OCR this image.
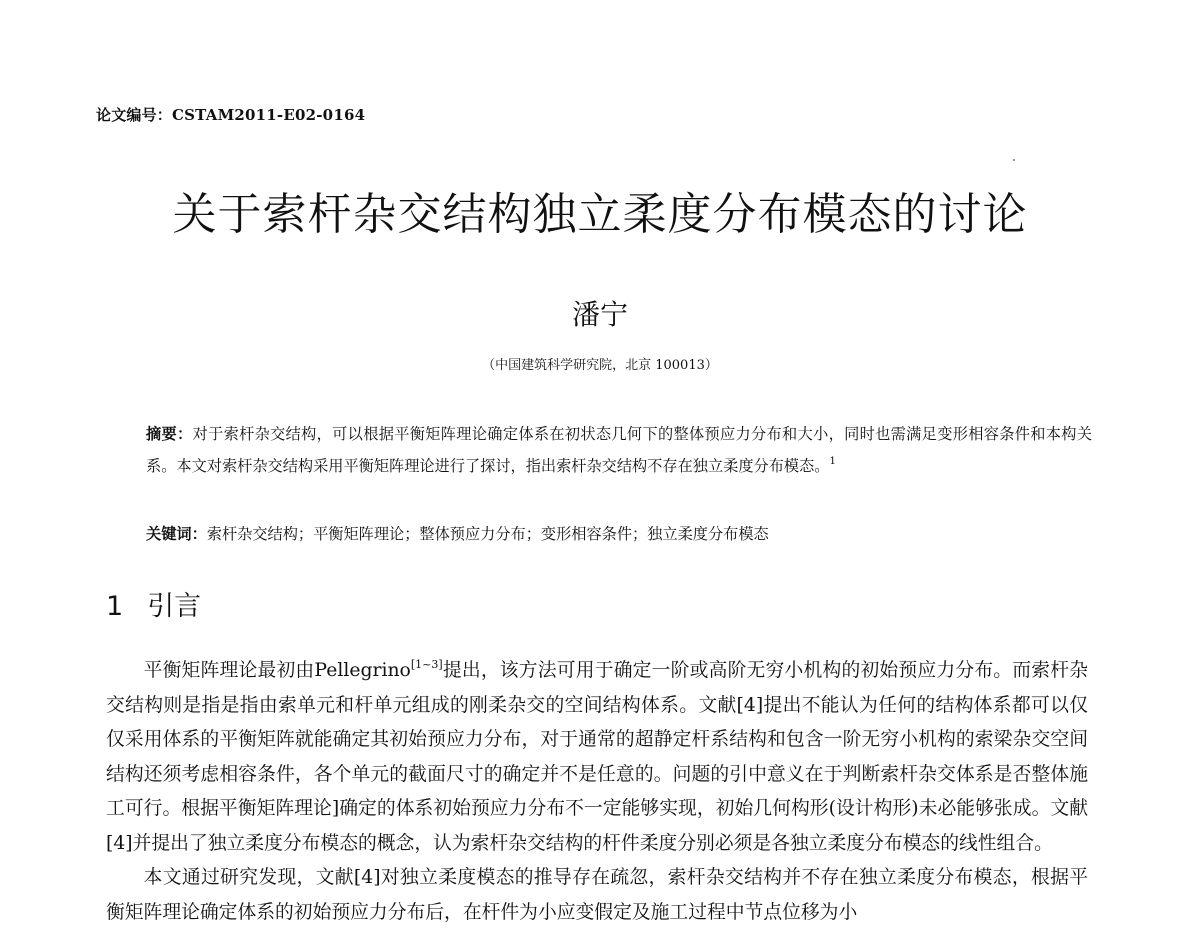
论文编号：CSTAM2011-E02-0164
关于索杆杂交结构独立柔度分布模态的讨论
潘宁
（中国建筑科学研究院，北京 100013）
摘要：对于索杆杂交结构，可以根据平衡矩阵理论确定体系在初状态几何下的整体预应力分布和大小，同时也需满足变形相容条件和本构关系。本文对索杆杂交结构采用平衡矩阵理论进行了探讨，指出索杆杂交结构不存在独立柔度分布模态。$^1$
关键词：索杆杂交结构；平衡矩阵理论；整体预应力分布；变形相容条件；独立柔度分布模态
1 引言

平衡矩阵理论最初由Pellegrino[1~3]提出，该方法可用于确定一阶或高阶无穷小机构的初始预应力分布。而索杆杂交结构则是指是指由索单元和杆单元组成的刚柔杂交的空间结构体系。文献[4]提出不能认为任何的结构体系都可以仅仅采用体系的平衡矩阵就能确定其初始预应力分布，对于通常的超静定杆系结构和包含一阶无穷小机构的索梁杂交空间结构还须考虑相容条件，各个单元的截面尺寸的确定并不是任意的。问题的引中意义在于判断索杆杂交体系是否整体施工可行。根据平衡矩阵理论]确定的体系初始预应力分布不一定能够实现，初始几何构形(设计构形)未必能够张成。文献[4]并提出了独立柔度分布模态的概念，认为索杆杂交结构的杆件柔度分别必须是各独立柔度分布模态的线性组合。

本文通过研究发现，文献[4]对独立柔度模态的推导存在疏忽，索杆杂交结构并不存在独立柔度分布模态，根据平衡矩阵理论确定体系的初始预应力分布后，在杆件为小应变假定及施工过程中节点位移为小
